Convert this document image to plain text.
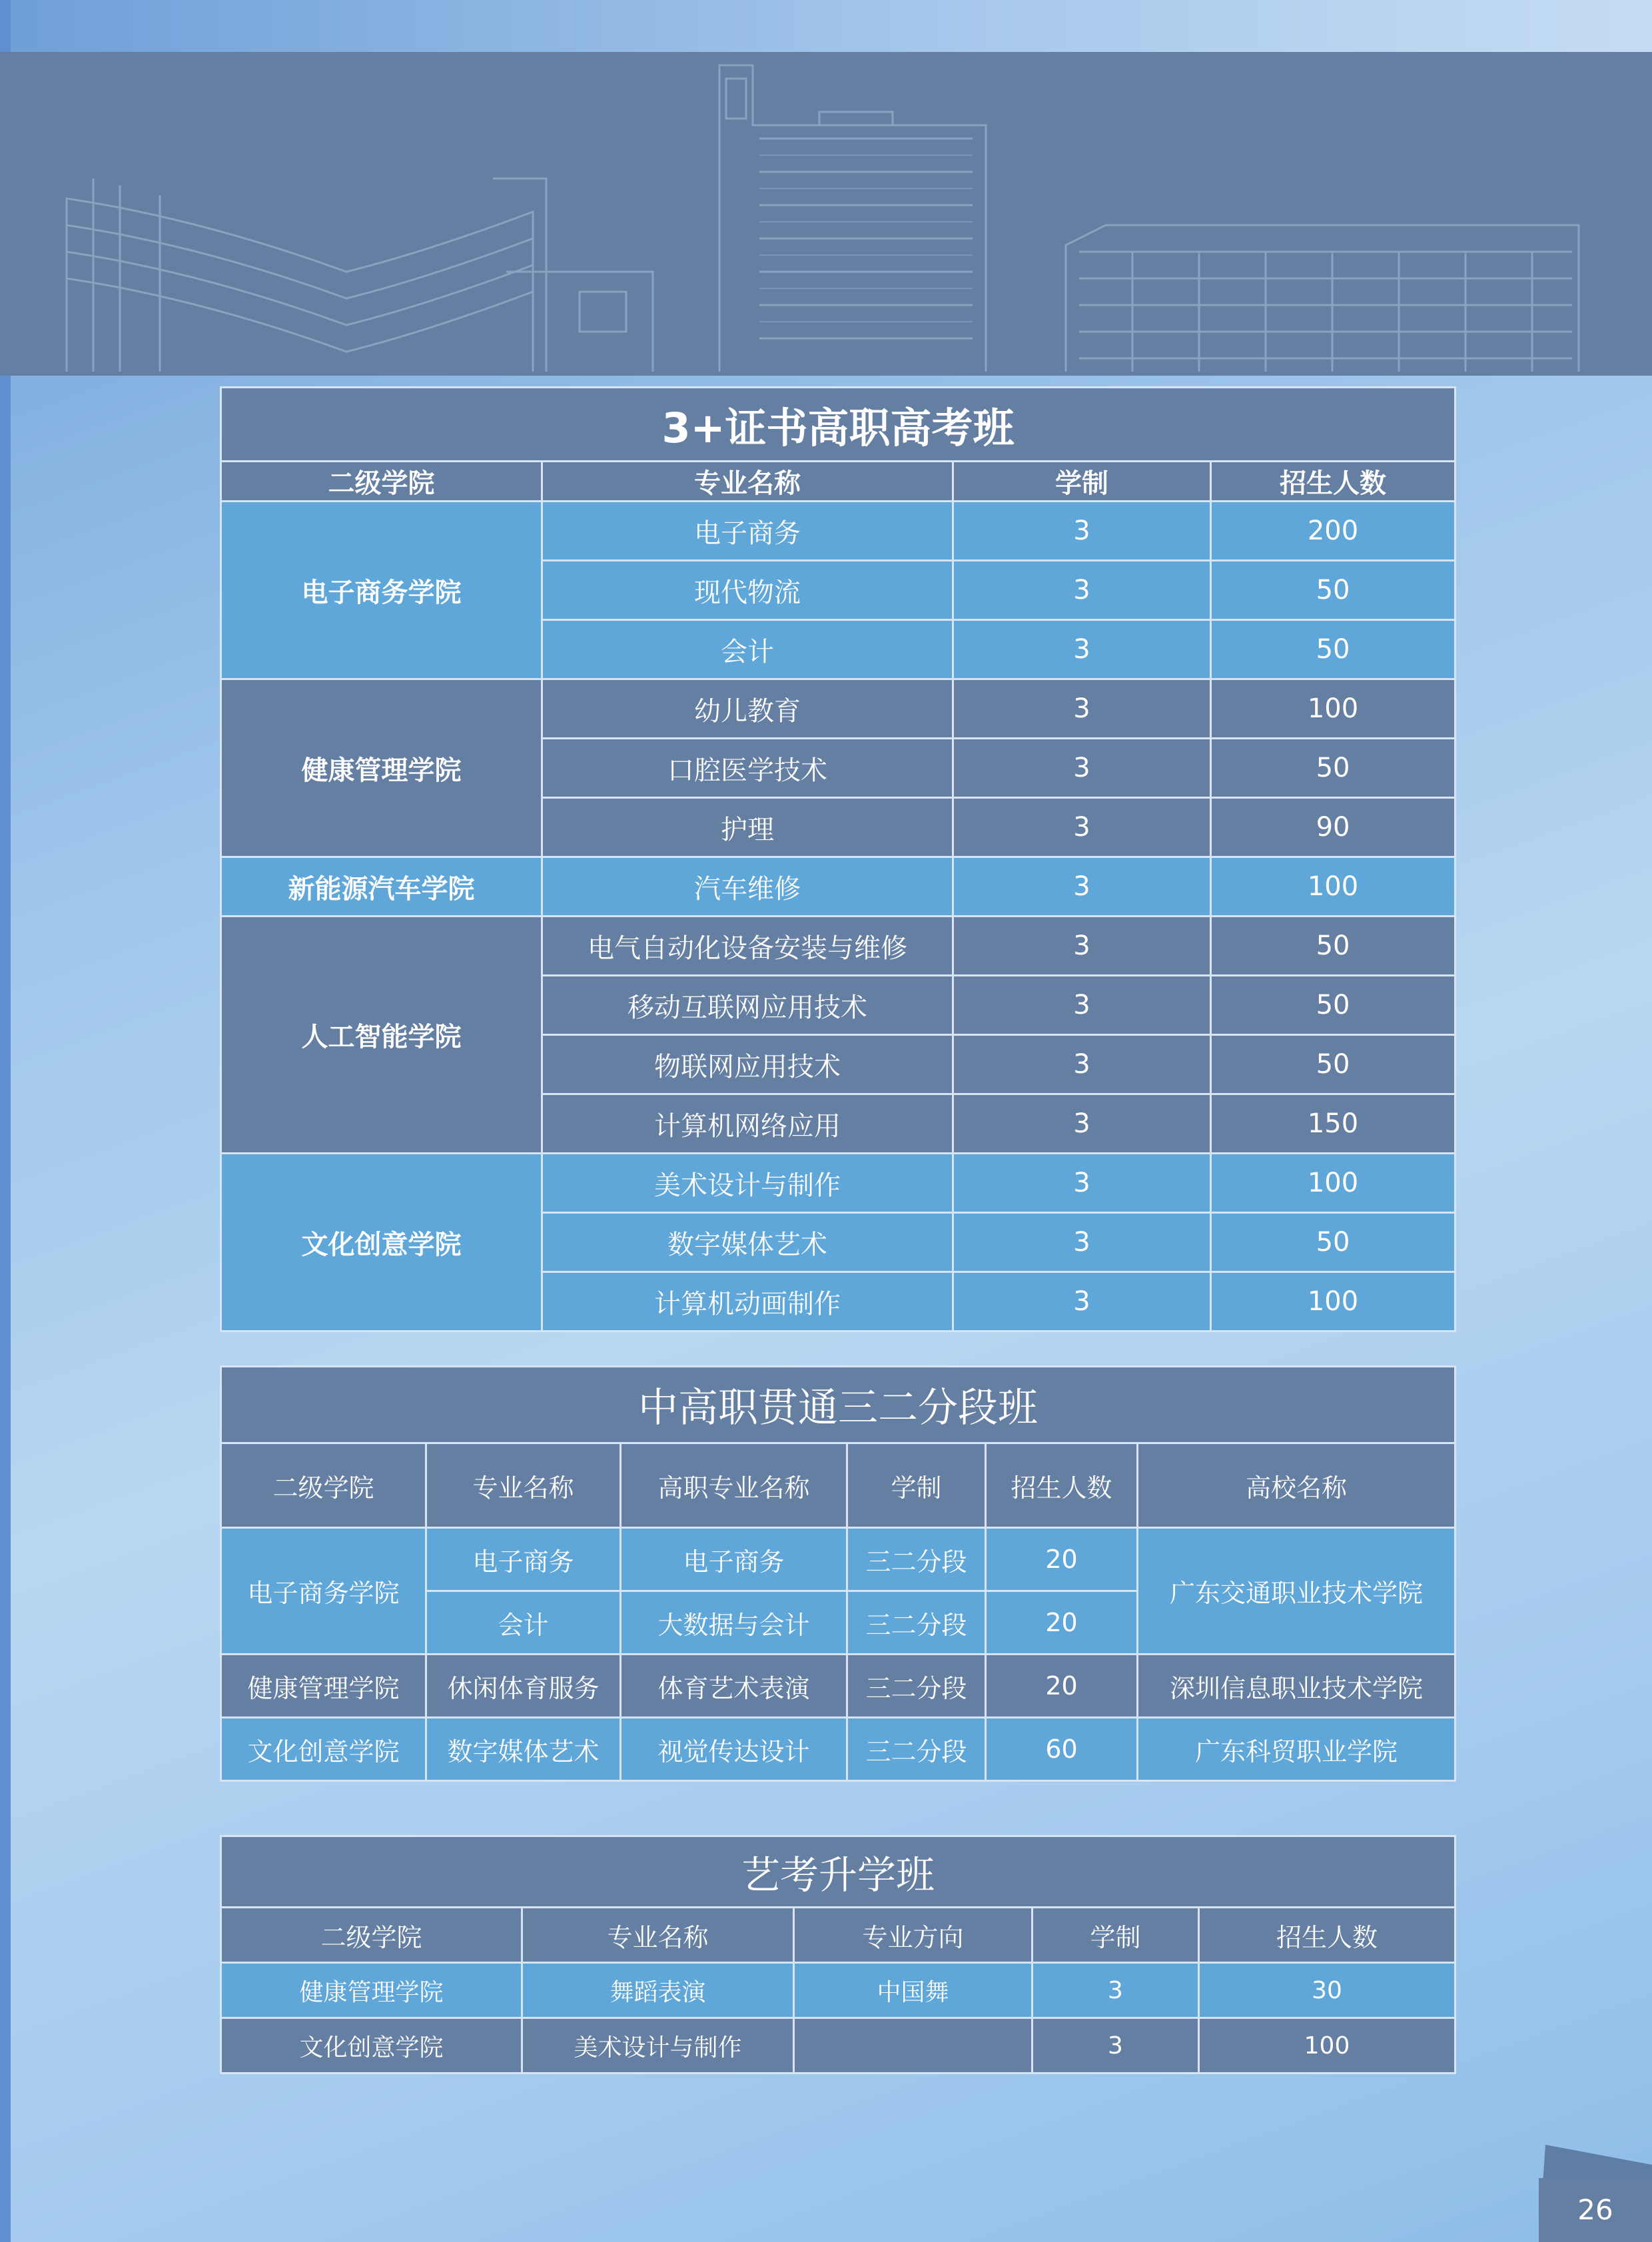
3+证书高职高考班			
二级学院	专业名称	学制	招生人数
电子商务学院	电子商务	3	200
	现代物流	3	50
	会计	3	50
健康管理学院	幼儿教育	3	100
	口腔医学技术	3	50
	护理	3	90
新能源汽车学院	汽车维修	3	100
人工智能学院	电气自动化设备安装与维修	3	50
	移动互联网应用技术	3	50
	物联网应用技术	3	50
	计算机网络应用	3	150
文化创意学院	美术设计与制作	3	100
	数字媒体艺术	3	50
	计算机动画制作	3	100
中高职贯通三二分段班					
二级学院	专业名称	高职专业名称	学制	招生人数	高校名称
电子商务学院	电子商务	电子商务	三二分段	20	广东交通职业技术学院
	会计	大数据与会计	三二分段	20	
健康管理学院	休闲体育服务	体育艺术表演	三二分段	20	深圳信息职业技术学院
文化创意学院	数字媒体艺术	视觉传达设计	三二分段	60	广东科贸职业学院
艺考升学班				
二级学院	专业名称	专业方向	学制	招生人数
健康管理学院	舞蹈表演	中国舞	3	30
文化创意学院	美术设计与制作		3	100
26
